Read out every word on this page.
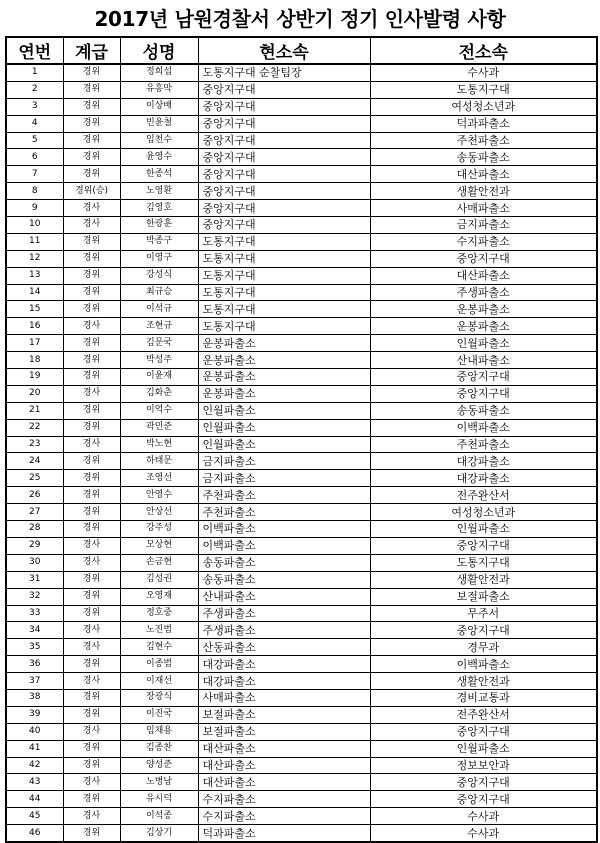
2017년 남원경찰서 상반기 정기 인사발령 사항
연번	계급	성명	현소속	전소속
1	경위	정희섭	도통지구대 순찰팀장	수사과
2	경위	유흥막	중앙지구대	도통지구대
3	경위	이상배	중앙지구대	여성청소년과
4	경위	빈윤철	중앙지구대	덕과파출소
5	경위	임천수	중앙지구대	주천파출소
6	경위	윤영수	중앙지구대	송동파출소
7	경위	한종석	중앙지구대	대산파출소
8	경위(승)	노영환	중앙지구대	생활안전과
9	경사	김영호	중앙지구대	사매파출소
10	경사	한광훈	중앙지구대	금지파출소
11	경위	박종구	도통지구대	수지파출소
12	경위	이영구	도통지구대	중앙지구대
13	경위	강성식	도통지구대	대산파출소
14	경위	최규승	도통지구대	주생파출소
15	경위	이석규	도통지구대	운봉파출소
16	경사	조현규	도통지구대	운봉파출소
17	경위	김문국	운봉파출소	인월파출소
18	경위	박성주	운봉파출소	산내파출소
19	경위	이윤재	운봉파출소	중앙지구대
20	경사	김화춘	운봉파출소	중앙지구대
21	경위	이억수	인월파출소	송동파출소
22	경위	곽민준	인월파출소	이백파출소
23	경사	박노현	인월파출소	주천파출소
24	경위	하태문	금지파출소	대강파출소
25	경위	조영선	금지파출소	대강파출소
26	경위	안영수	주천파출소	전주완산서
27	경위	안상선	주천파출소	여성청소년과
28	경위	강주성	이백파출소	인월파출소
29	경사	모상현	이백파출소	중앙지구대
30	경사	손금현	송동파출소	도통지구대
31	경위	김성권	송동파출소	생활안전과
32	경위	오영재	산내파출소	보절파출소
33	경위	정호중	주생파출소	무주서
34	경사	노진범	주생파출소	중앙지구대
35	경사	김현수	산동파출소	경무과
36	경위	이종범	대강파출소	이백파출소
37	경사	이재선	대강파출소	생활안전과
38	경위	장광식	사매파출소	경비교통과
39	경위	이진국	보절파출소	전주완산서
40	경사	임채용	보절파출소	중앙지구대
41	경위	김종찬	대산파출소	인월파출소
42	경위	양성준	대산파출소	정보보안과
43	경사	노병남	대산파출소	중앙지구대
44	경위	유시덕	수지파출소	중앙지구대
45	경사	이석종	수지파출소	수사과
46	경위	김상기	덕과파출소	수사과
